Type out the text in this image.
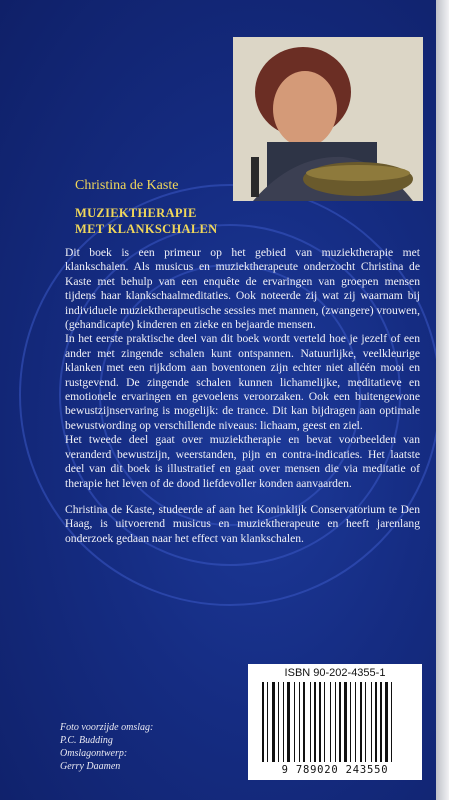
Christina de Kaste
MUZIEKTHERAPIE
MET KLANKSCHALEN

Dit boek is een primeur op het gebied van muziektherapie met klankschalen. Als musicus en muziektherapeute onderzocht Christina de Kaste met behulp van een enquête de ervaringen van groepen mensen tijdens haar klankschaalmeditaties. Ook noteerde zij wat zij waarnam bij individuele muziektherapeutische sessies met mannen, (zwangere) vrouwen, (gehandicapte) kinderen en zieke en bejaarde mensen.

In het eerste praktische deel van dit boek wordt verteld hoe je jezelf of een ander met zingende schalen kunt ontspannen. Natuurlijke, veelkleurige klanken met een rijkdom aan boventonen zijn echter niet alléén mooi en rustgevend. De zingende schalen kunnen lichamelijke, meditatieve en emotionele ervaringen en gevoelens veroorzaken. Ook een buitengewone bewustzijnservaring is mogelijk: de trance. Dit kan bijdragen aan optimale bewustwording op verschillende niveaus: lichaam, geest en ziel.

Het tweede deel gaat over muziektherapie en bevat voorbeelden van veranderd bewustzijn, weerstanden, pijn en contra-indicaties. Het laatste deel van dit boek is illustratief en gaat over mensen die via meditatie of therapie het leven of de dood liefdevoller konden aanvaarden.

Christina de Kaste, studeerde af aan het Koninklijk Conservatorium te Den Haag, is uitvoerend musicus en muziektherapeute en heeft jarenlang onderzoek gedaan naar het effect van klankschalen.

Foto voorzijde omslag:
P.C. Budding
Omslagontwerp:
Gerry Daamen
ISBN 90-202-4355-1
9 789020 243550
